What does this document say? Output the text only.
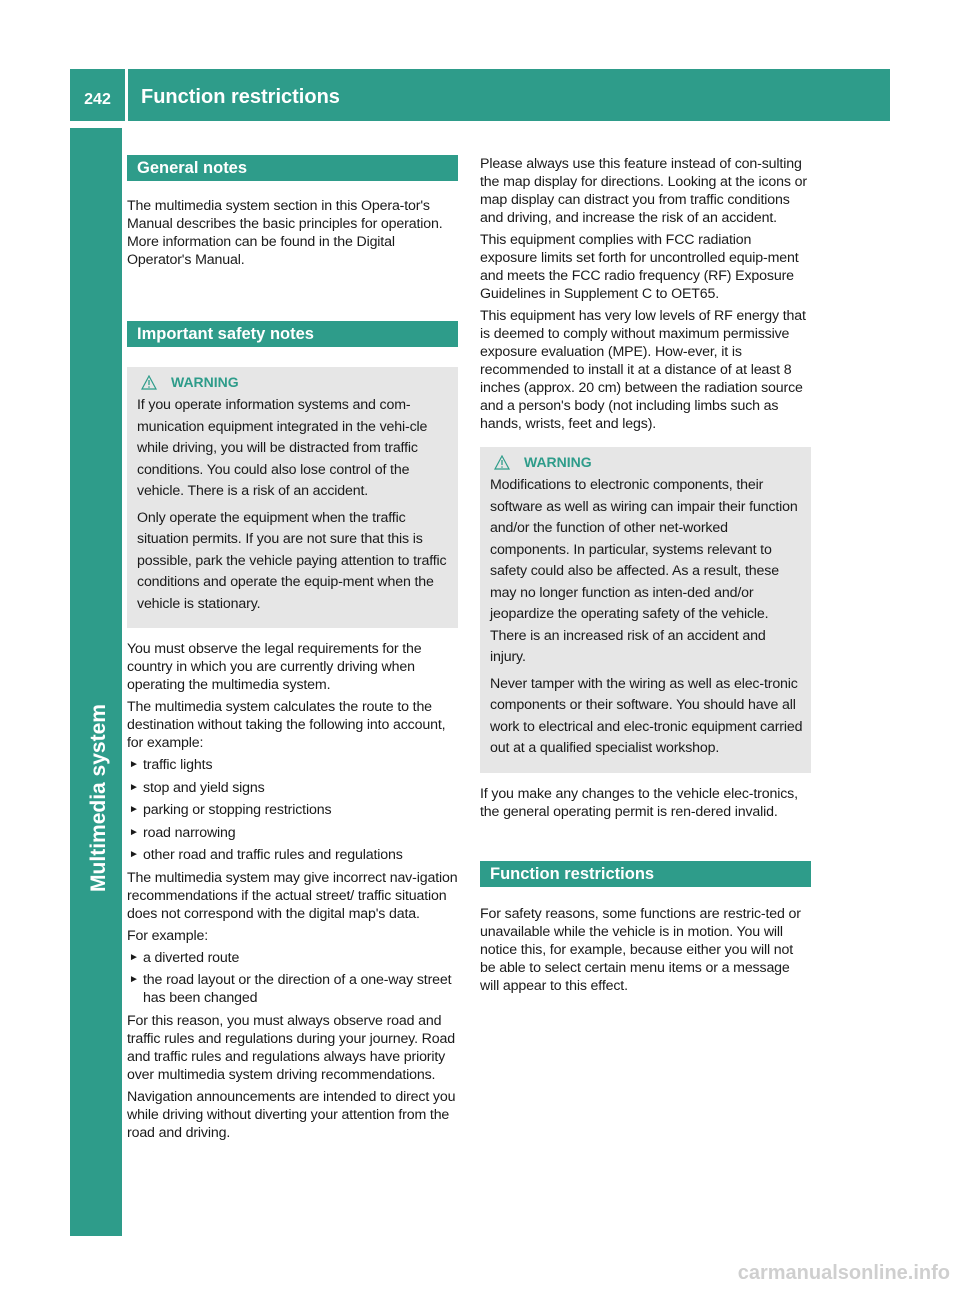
242	Function restrictions
Multimedia system
General notes

The multimedia system section in this Opera-tor's Manual describes the basic principles for operation. More information can be found in the Digital Operator's Manual.

Important safety notes
WARNING

If you operate information systems and com-munication equipment integrated in the vehi-cle while driving, you will be distracted from traffic conditions. You could also lose control of the vehicle. There is a risk of an accident.

Only operate the equipment when the traffic situation permits. If you are not sure that this is possible, park the vehicle paying attention to traffic conditions and operate the equip-ment when the vehicle is stationary.

You must observe the legal requirements for the country in which you are currently driving when operating the multimedia system.

The multimedia system calculates the route to the destination without taking the following into account, for example:

► traffic lights
► stop and yield signs
► parking or stopping restrictions
► road narrowing
► other road and traffic rules and regulations

The multimedia system may give incorrect nav-igation recommendations if the actual street/ traffic situation does not correspond with the digital map's data.

For example:

► a diverted route
► the road layout or the direction of a one-way street has been changed

For this reason, you must always observe road and traffic rules and regulations during your journey. Road and traffic rules and regulations always have priority over multimedia system driving recommendations.

Navigation announcements are intended to direct you while driving without diverting your attention from the road and driving.

Please always use this feature instead of con-sulting the map display for directions. Looking at the icons or map display can distract you from traffic conditions and driving, and increase the risk of an accident.

This equipment complies with FCC radiation exposure limits set forth for uncontrolled equip-ment and meets the FCC radio frequency (RF) Exposure Guidelines in Supplement C to OET65.

This equipment has very low levels of RF energy that is deemed to comply without maximum permissive exposure evaluation (MPE). How-ever, it is recommended to install it at a distance of at least 8 inches (approx. 20 cm) between the radiation source and a person's body (not including limbs such as hands, wrists, feet and legs).

WARNING

Modifications to electronic components, their software as well as wiring can impair their function and/or the function of other net-worked components. In particular, systems relevant to safety could also be affected. As a result, these may no longer function as inten-ded and/or jeopardize the operating safety of the vehicle. There is an increased risk of an accident and injury.

Never tamper with the wiring as well as elec-tronic components or their software. You should have all work to electrical and elec-tronic equipment carried out at a qualified specialist workshop.

If you make any changes to the vehicle elec-tronics, the general operating permit is ren-dered invalid.

Function restrictions

For safety reasons, some functions are restric-ted or unavailable while the vehicle is in motion. You will notice this, for example, because either you will not be able to select certain menu items or a message will appear to this effect.

carmanualsonline.info
